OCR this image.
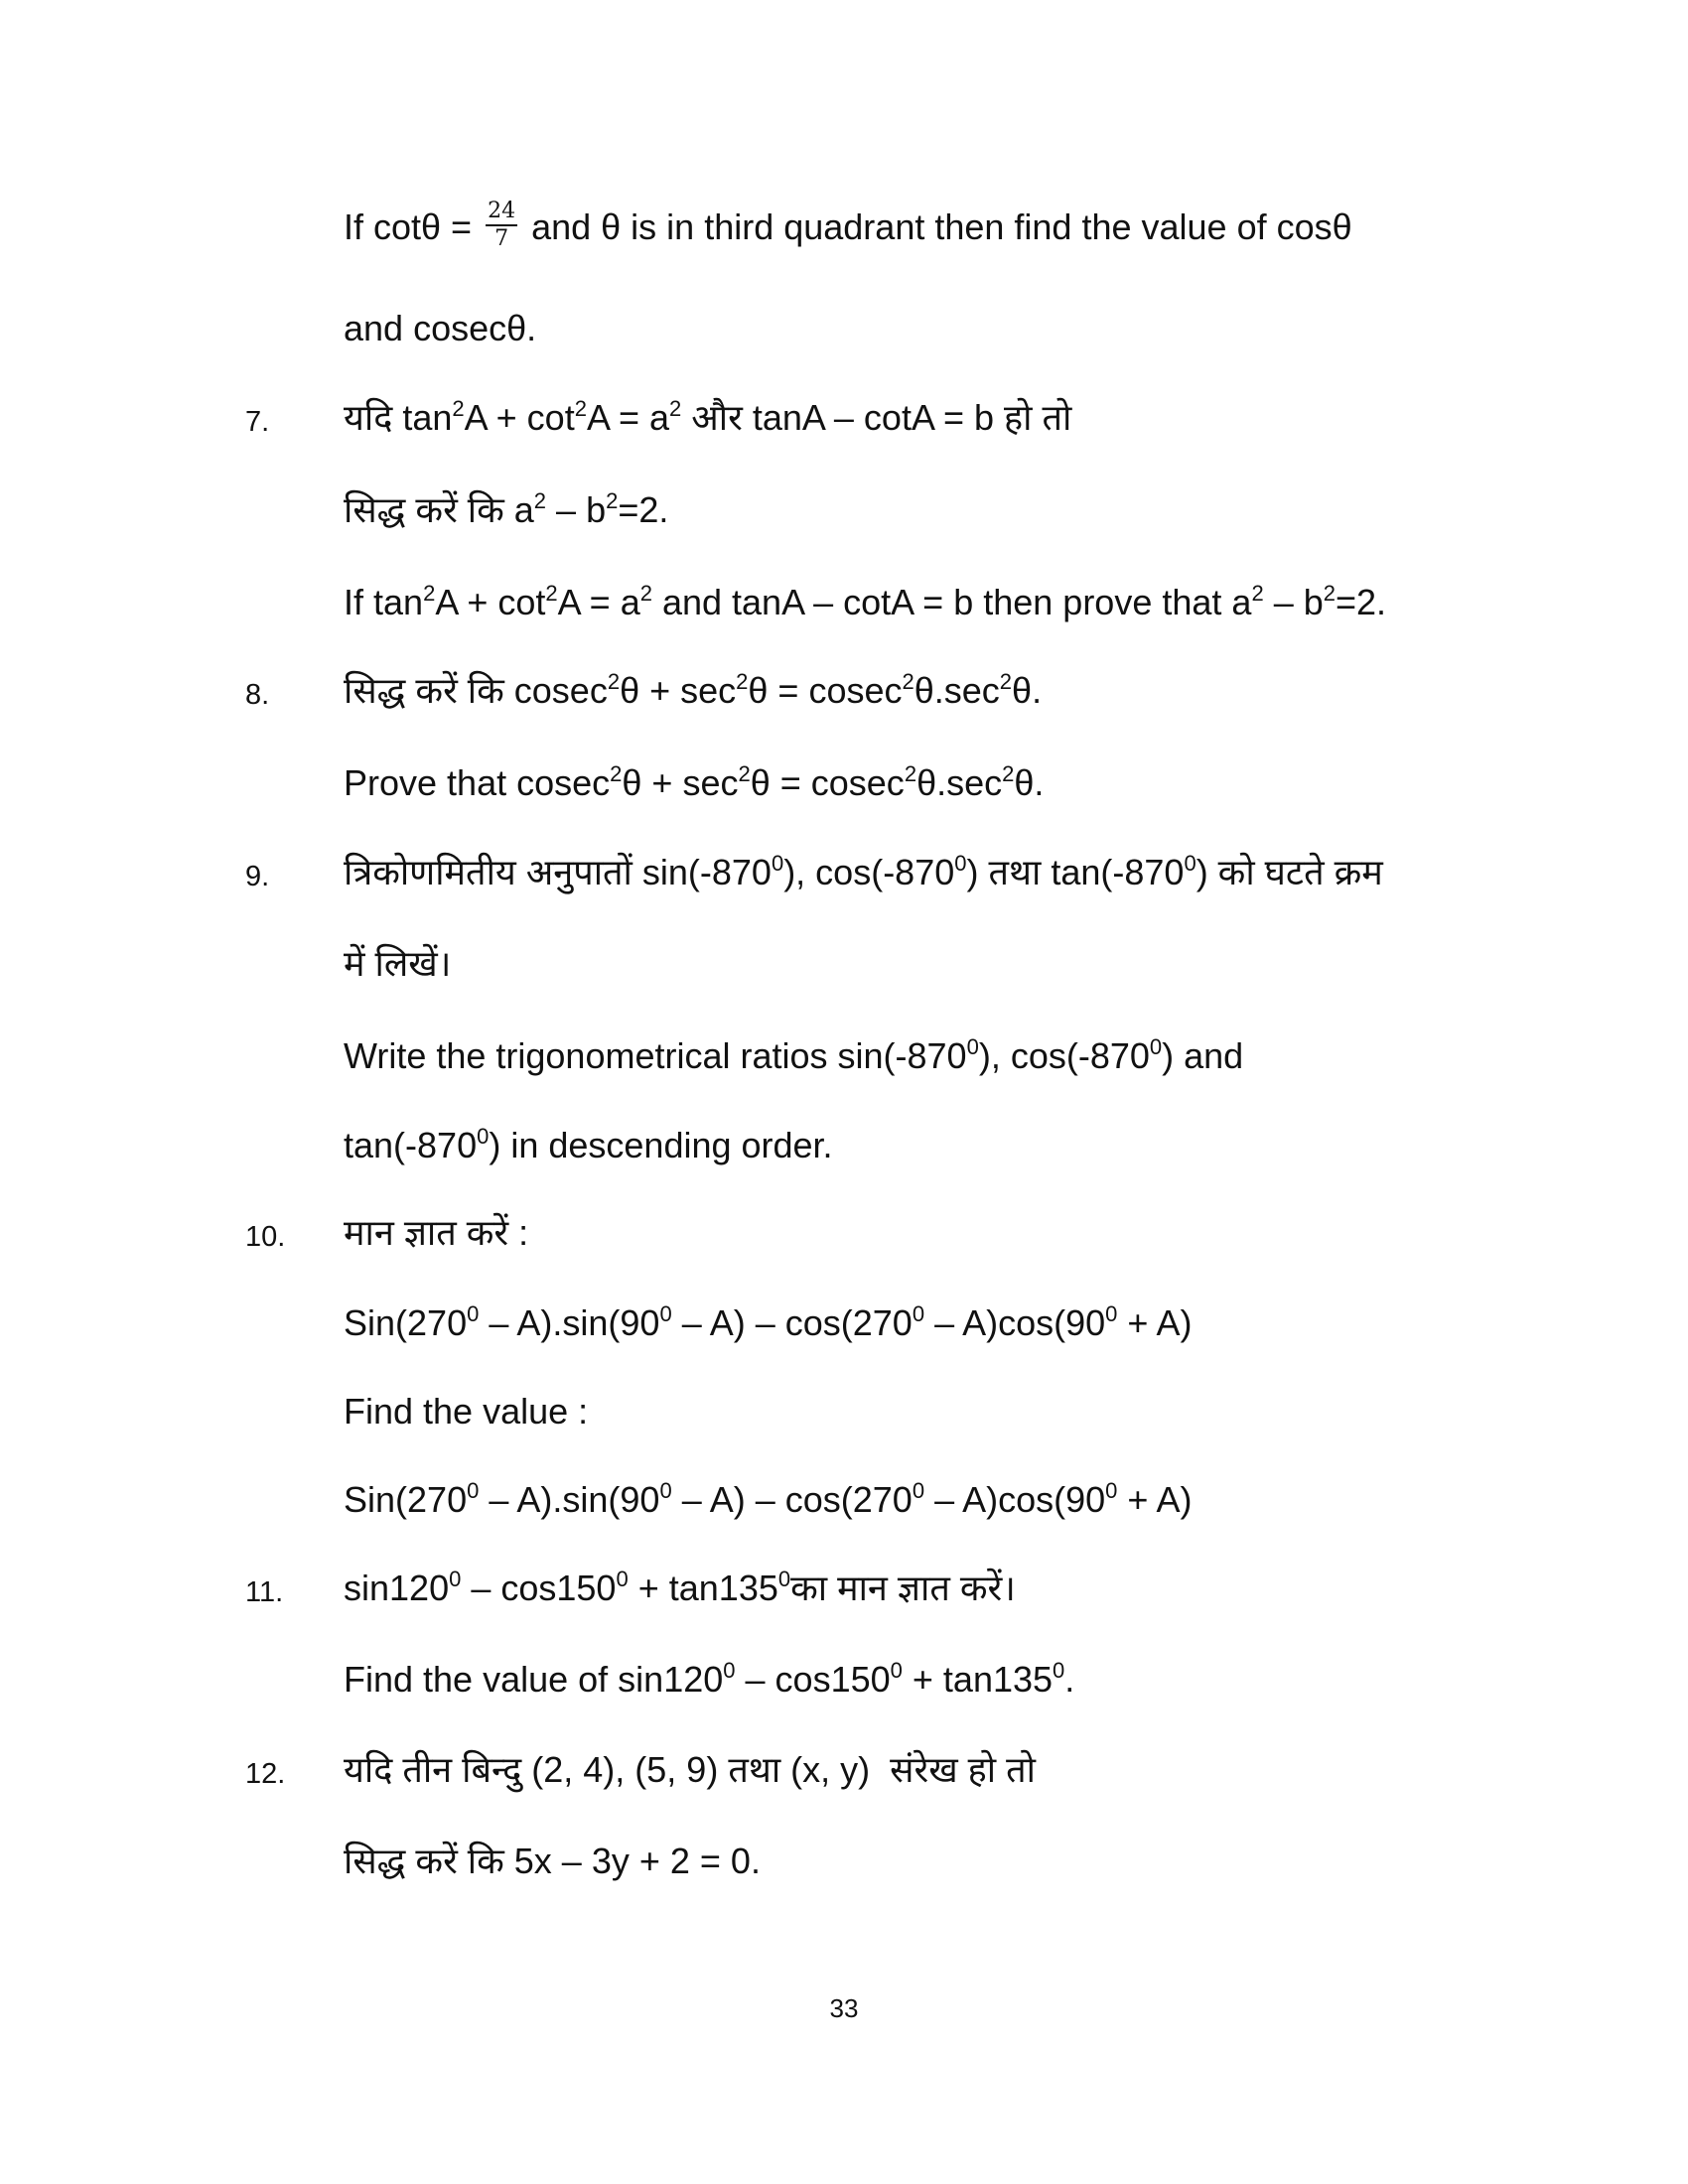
If $\cot\theta = \frac{24}{7}$ and θ is in third quadrant then find the value of cosθ
and cosecθ.
7. यदि $\tan^2A + \cot^2A = a^2$ और tanA – cotA = b हो तो
सिद्ध करें कि $a^2 - b^2=2$.
If $\tan^2A + \cot^2A = a^2$ and tanA – cotA = b then prove that $a^2 - b^2=2$.
8. सिद्ध करें कि $cosec^2\theta + \sec^2\theta = cosec^2\theta.\sec^2\theta$.
Prove that $cosec^2\theta + \sec^2\theta = cosec^2\theta.\sec^2\theta$.
9. त्रिकोणमितीय अनुपातों $\sin(-870^0)$, $\cos(-870^0)$ तथा $\tan(-870^0)$ को घटते क्रम
में लिखें।
Write the trigonometrical ratios $\sin(-870^0)$, $\cos(-870^0)$ and
$\tan(-870^0)$ in descending order.
10. मान ज्ञात करें :
$Sin(270^0 - A).\sin(90^0 - A) - \cos(270^0 - A)\cos(90^0 + A)$
Find the value :
$Sin(270^0 - A).\sin(90^0 - A) - \cos(270^0 - A)\cos(90^0 + A)$
11. $\sin 120^0 - \cos 150^0$ + $\tan 135^0का$ मान ज्ञात करें।
Find the value of $\sin 120^0 - \cos 150^0 + \tan 135^0$.
12. यदि तीन बिन्दु (2, 4), (5, 9) तथा (x, y)  संरेख हो तो
सिद्ध करें कि 5x – 3y + 2 = 0.
33
